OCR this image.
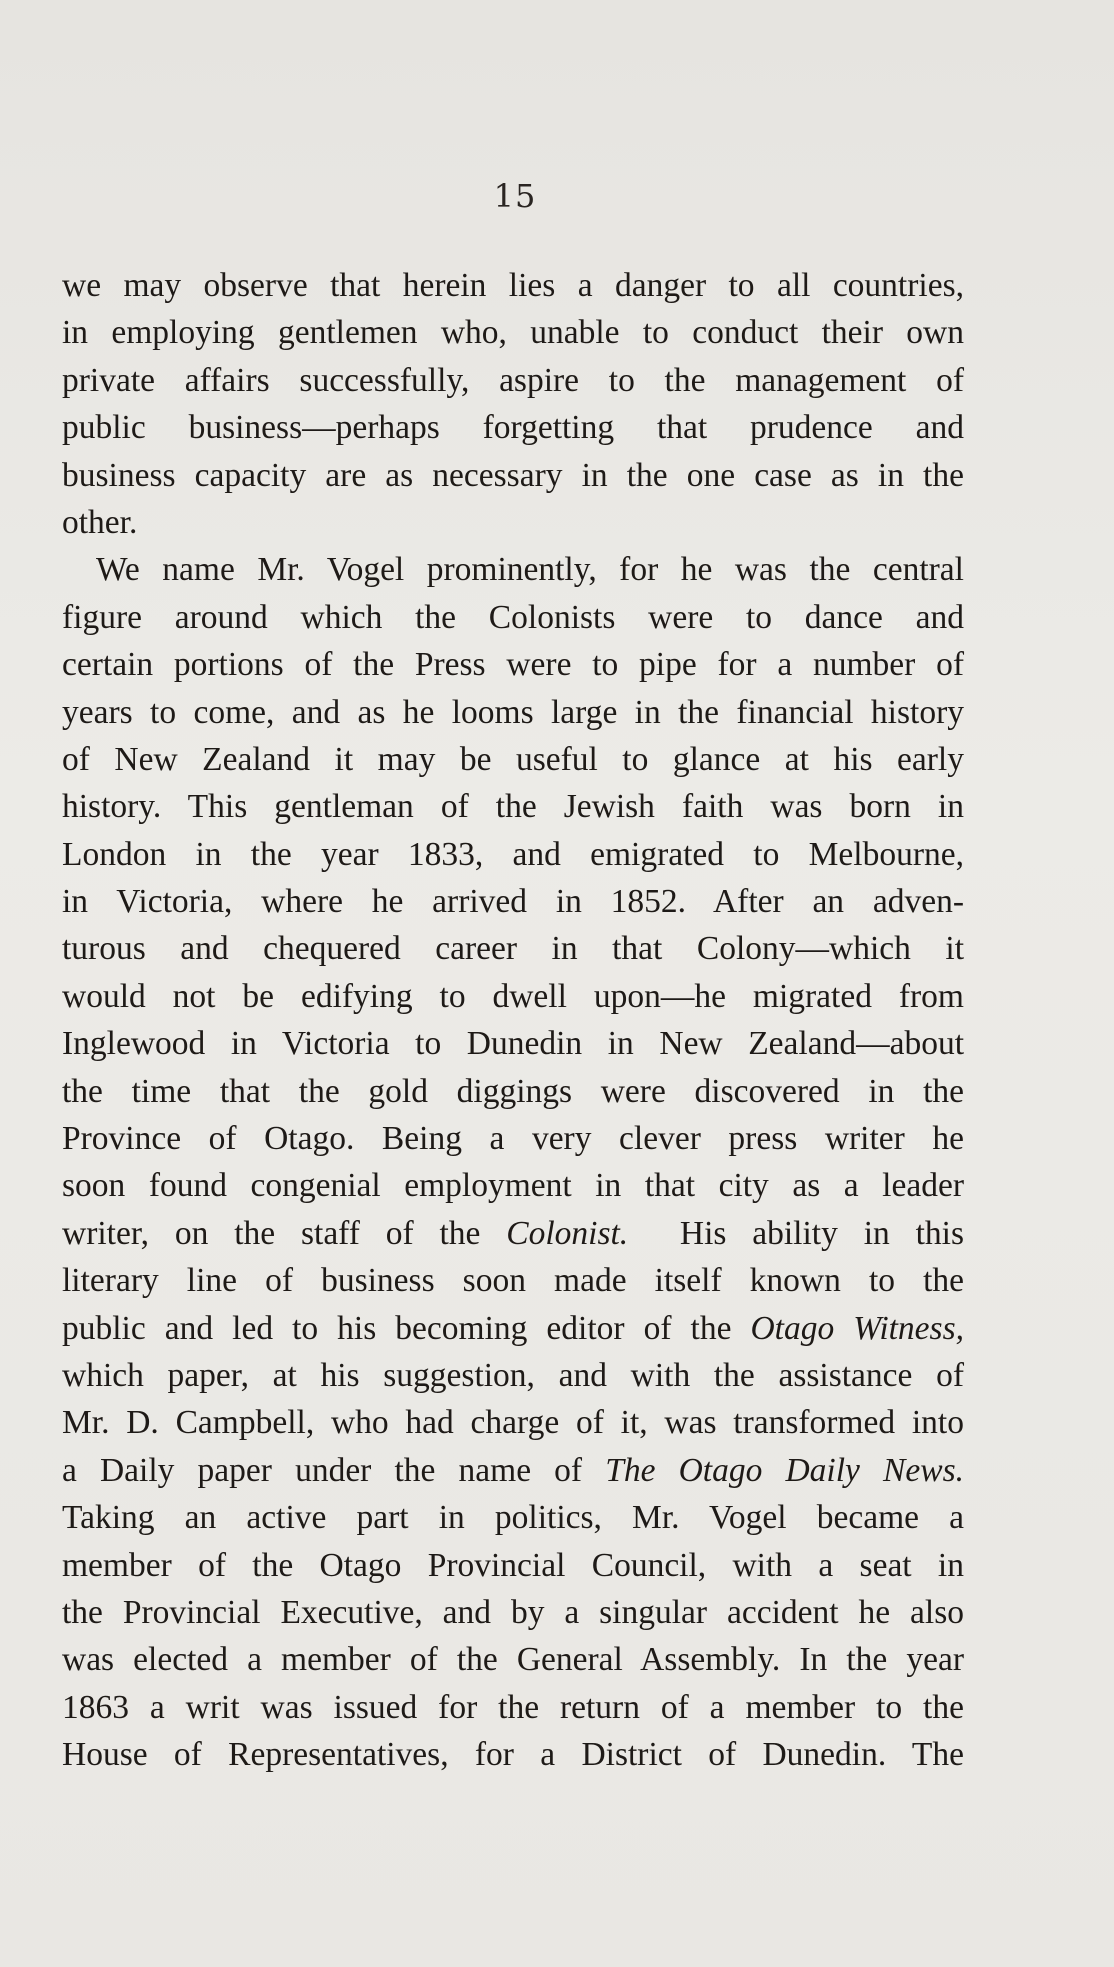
15
we may observe that herein lies a danger to all countries,
in employing gentlemen who, unable to conduct their own
private affairs successfully, aspire to the management of
public business—perhaps forgetting that prudence and
business capacity are as necessary in the one case as in the
other.
We name Mr. Vogel prominently, for he was the central
figure around which the Colonists were to dance and
certain portions of the Press were to pipe for a number of
years to come, and as he looms large in the financial history
of New Zealand it may be useful to glance at his early
history. This gentleman of the Jewish faith was born in
London in the year 1833, and emigrated to Melbourne,
in Victoria, where he arrived in 1852. After an adven-
turous and chequered career in that Colony—which it
would not be edifying to dwell upon—he migrated from
Inglewood in Victoria to Dunedin in New Zealand—about
the time that the gold diggings were discovered in the
Province of Otago. Being a very clever press writer he
soon found congenial employment in that city as a leader
writer, on the staff of the Colonist. His ability in this
literary line of business soon made itself known to the
public and led to his becoming editor of the Otago Witness,
which paper, at his suggestion, and with the assistance of
Mr. D. Campbell, who had charge of it, was transformed into
a Daily paper under the name of The Otago Daily News.
Taking an active part in politics, Mr. Vogel became a
member of the Otago Provincial Council, with a seat in
the Provincial Executive, and by a singular accident he also
was elected a member of the General Assembly. In the year
1863 a writ was issued for the return of a member to the
House of Representatives, for a District of Dunedin. The
